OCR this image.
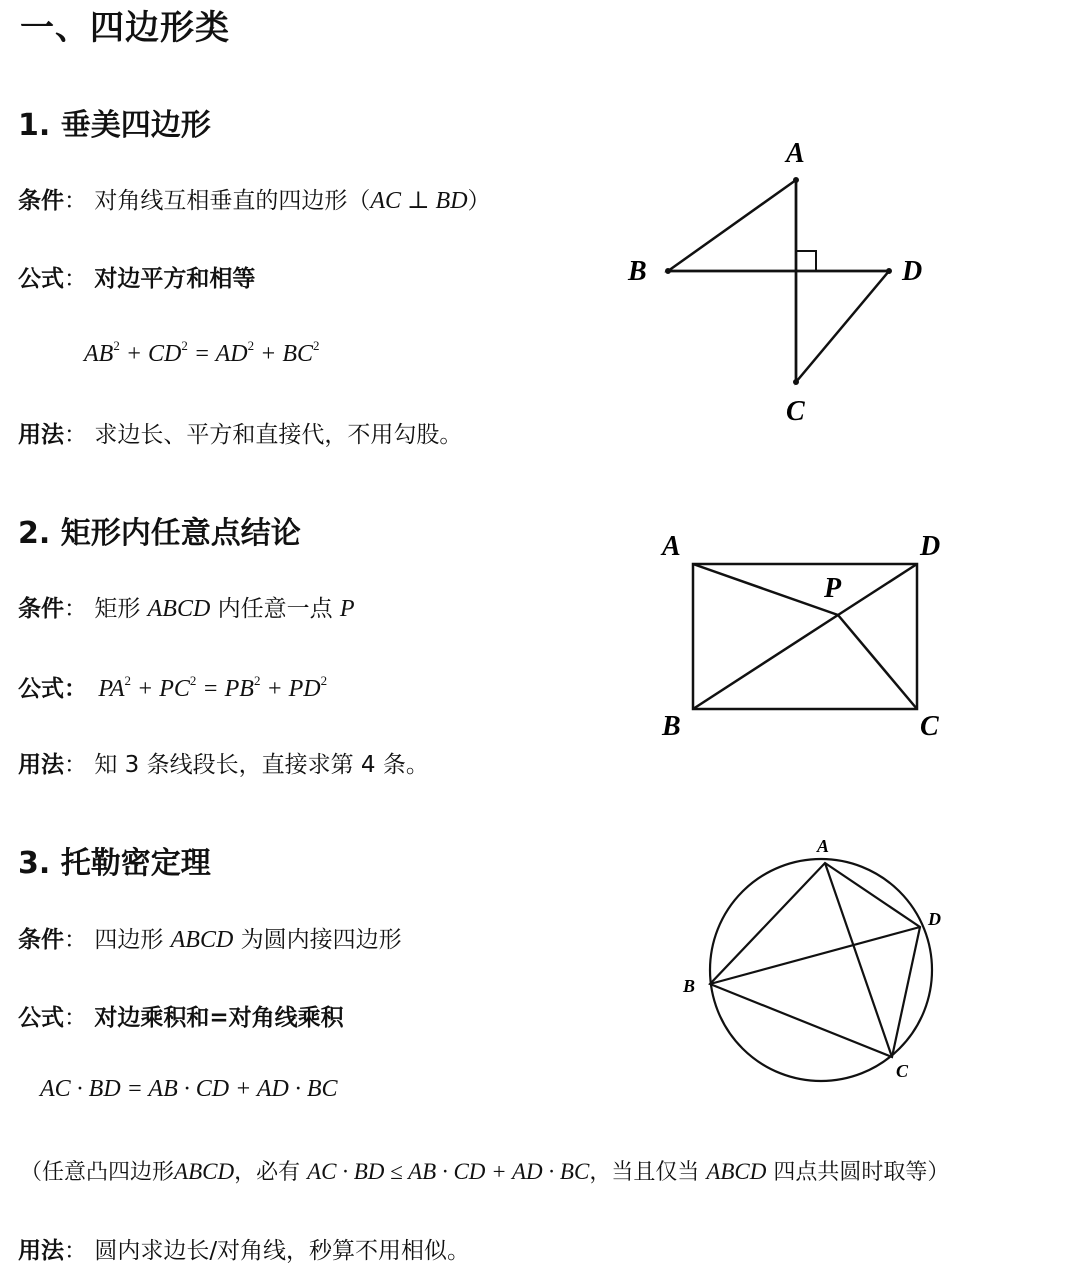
一、四边形类
1. 垂美四边形
条件： 对角线互相垂直的四边形（AC ⊥ BD）
公式： 对边平方和相等
$AB^2 + CD^2 = AD^2 + BC^2$
用法： 求边长、平方和直接代，不用勾股。
A
B	D
C
2. 矩形内任意点结论
条件： 矩形 ABCD 内任意一点 P
公式： $PA^2 + PC^2 = PB^2 + PD^2$
用法： 知 3 条线段长，直接求第 4 条。
A	D
B	C
P
3. 托勒密定理
条件： 四边形 ABCD 为圆内接四边形
公式： 对边乘积和=对角线乘积
AC · BD = AB · CD + AD · BC
（任意凸四边形ABCD，必有 AC · BD ≤ AB · CD + AD · BC，当且仅当 ABCD 四点共圆时取等）
用法： 圆内求边长/对角线，秒算不用相似。
A
D
B
C
